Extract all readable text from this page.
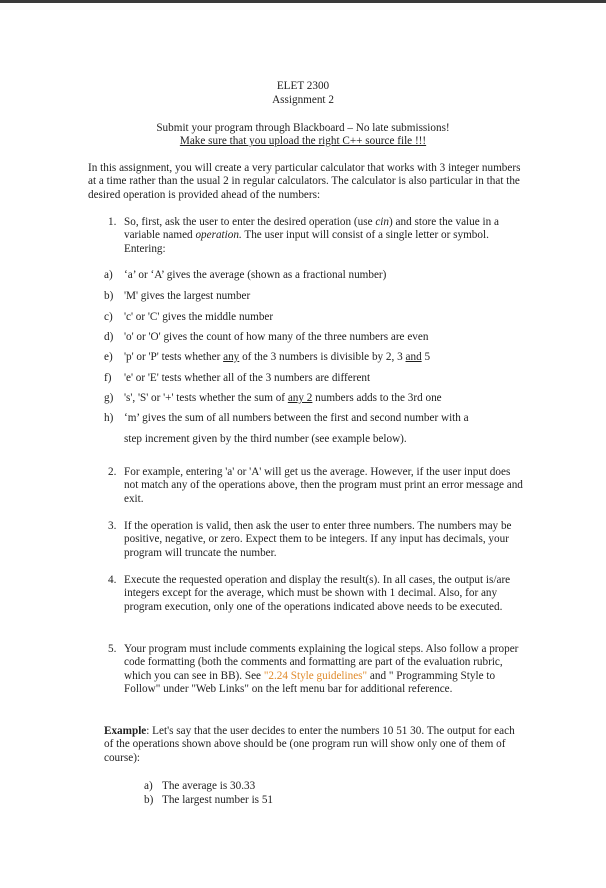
ELET 2300
Assignment 2
Submit your program through Blackboard – No late submissions!
Make sure that you upload the right C++ source file !!!
In this assignment, you will create a very particular calculator that works with 3 integer numbers at a time rather than the usual 2 in regular calculators. The calculator is also particular in that the desired operation is provided ahead of the numbers:
1. So, first, ask the user to enter the desired operation (use cin) and store the value in a variable named operation. The user input will consist of a single letter or symbol. Entering:
a) ‘a’ or ‘A’ gives the average (shown as a fractional number)
b) 'M' gives the largest number
c) 'c' or 'C' gives the middle number
d) 'o' or 'O' gives the count of how many of the three numbers are even
e) 'p' or 'P' tests whether any of the 3 numbers is divisible by 2, 3 and 5
f) 'e' or 'E' tests whether all of the 3 numbers are different
g) 's', 'S' or '+' tests whether the sum of any 2 numbers adds to the 3rd one
h) ‘m’ gives the sum of all numbers between the first and second number with a
step increment given by the third number (see example below).
2. For example, entering 'a' or 'A' will get us the average. However, if the user input does not match any of the operations above, then the program must print an error message and exit.
3. If the operation is valid, then ask the user to enter three numbers. The numbers may be positive, negative, or zero. Expect them to be integers. If any input has decimals, your program will truncate the number.
4. Execute the requested operation and display the result(s). In all cases, the output is/are integers except for the average, which must be shown with 1 decimal. Also, for any program execution, only one of the operations indicated above needs to be executed.
5. Your program must include comments explaining the logical steps. Also follow a proper code formatting (both the comments and formatting are part of the evaluation rubric, which you can see in BB). See "2.24 Style guidelines" and " Programming Style to Follow" under "Web Links" on the left menu bar for additional reference.
Example: Let's say that the user decides to enter the numbers 10 51 30. The output for each of the operations shown above should be (one program run will show only one of them of course):
a) The average is 30.33
b) The largest number is 51
